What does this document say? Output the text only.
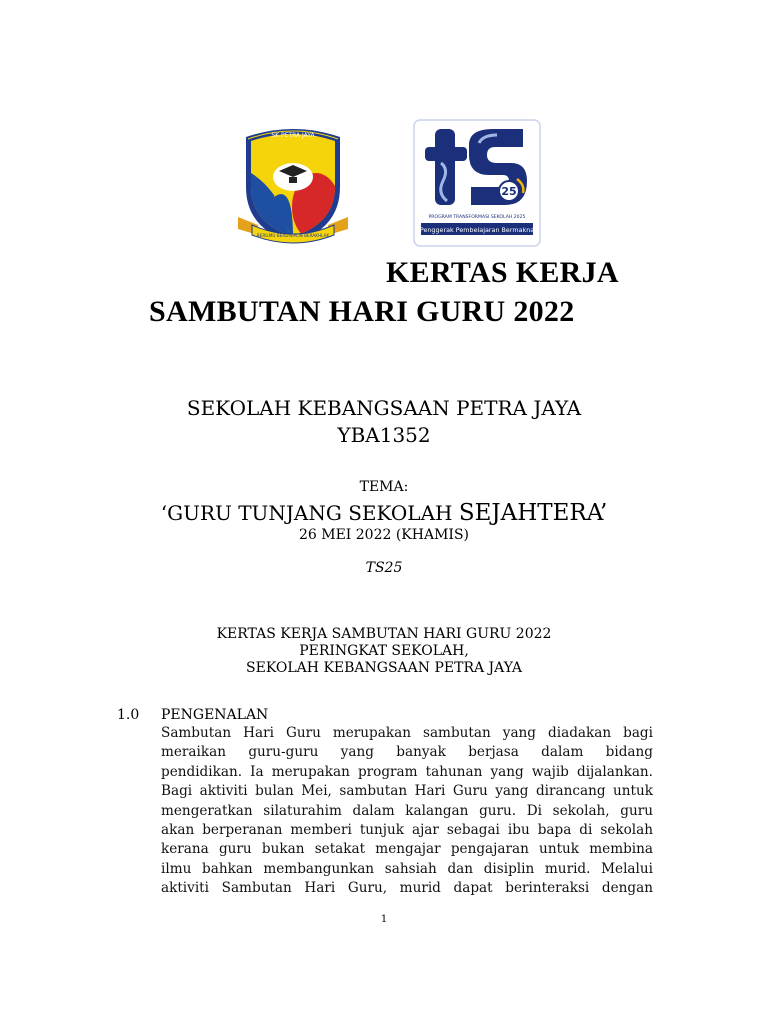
SK PETRA JAYA
BERILMU BERDISIPLIN BERAKHLAK
25
PROGRAM TRANSFORMASI SEKOLAH 2025
Penggerak Pembelajaran Bermakna
KERTAS KERJA
SAMBUTAN HARI GURU 2022
SEKOLAH KEBANGSAAN PETRA JAYA
YBA1352
TEMA:
‘GURU TUNJANG SEKOLAH SEJAHTERA’
26 MEI 2022 (KHAMIS)
TS25
KERTAS KERJA SAMBUTAN HARI GURU 2022
PERINGKAT SEKOLAH,
SEKOLAH KEBANGSAAN PETRA JAYA
1.0 PENGENALAN
Sambutan Hari Guru merupakan sambutan yang diadakan bagi
meraikan guru-guru yang banyak berjasa dalam bidang
pendidikan. Ia merupakan program tahunan yang wajib dijalankan.
Bagi aktiviti bulan Mei, sambutan Hari Guru yang dirancang untuk
mengeratkan silaturahim dalam kalangan guru. Di sekolah, guru
akan berperanan memberi tunjuk ajar sebagai ibu bapa di sekolah
kerana guru bukan setakat mengajar pengajaran untuk membina
ilmu bahkan membangunkan sahsiah dan disiplin murid. Melalui
aktiviti Sambutan Hari Guru, murid dapat berinteraksi dengan
1
